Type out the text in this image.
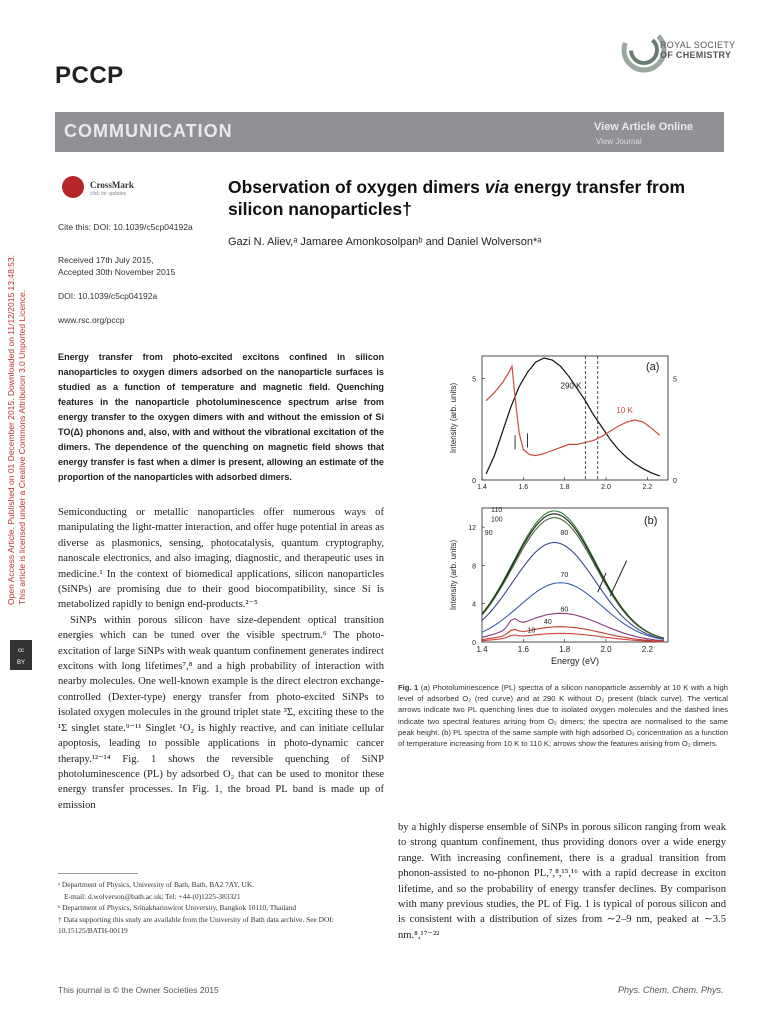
PCCP
ROYAL SOCIETY
OF CHEMISTRY
COMMUNICATION	View Article Online
View Journal
CrossMark
click for updates
Cite this: DOI: 10.1039/c5cp04192a
Received 17th July 2015,
Accepted 30th November 2015
DOI: 10.1039/c5cp04192a
www.rsc.org/pccp
Observation of oxygen dimers via energy transfer from silicon nanoparticles†
Gazi N. Aliev,ᵃ Jamaree Amonkosolpanᵇ and Daniel Wolverson*ᵃ
Energy transfer from photo-excited excitons confined in silicon nanoparticles to oxygen dimers adsorbed on the nanoparticle surfaces is studied as a function of temperature and magnetic field. Quenching features in the nanoparticle photoluminescence spectrum arise from energy transfer to the oxygen dimers with and without the emission of Si TO(Δ) phonons and, also, with and without the vibrational excitation of the dimers. The dependence of the quenching on magnetic field shows that energy transfer is fast when a dimer is present, allowing an estimate of the proportion of the nanoparticles with adsorbed dimers.

Semiconducting or metallic nanoparticles offer numerous ways of manipulating the light-matter interaction, and offer huge potential in areas as diverse as plasmonics, sensing, photocatalysis, quantum cryptography, nanoscale electronics, and also imaging, diagnostic, and therapeutic uses in medicine.¹ In the context of biomedical applications, silicon nanoparticles (SiNPs) are promising due to their good biocompatibility, since Si is metabolized rapidly to benign end-products.²⁻⁵

SiNPs within porous silicon have size-dependent optical transition energies which can be tuned over the visible spectrum.⁶ The photo-excitation of large SiNPs with weak quantum confinement generates indirect excitons with long lifetimes⁷,⁸ and a high probability of interaction with nearby molecules. One well-known example is the direct electron exchange-controlled (Dexter-type) energy transfer from photo-excited SiNPs to isolated oxygen molecules in the ground triplet state ³Σ, exciting these to the ¹Σ singlet state.⁹⁻¹¹ Singlet ¹O₂ is highly reactive, and can initiate cellular apoptosis, leading to possible applications in photo-dynamic cancer therapy.¹²⁻¹⁴ Fig. 1 shows the reversible quenching of SiNP photoluminescence (PL) by adsorbed O₂ that can be used to monitor these energy transfer processes. In Fig. 1, the broad PL band is made up of emission

1.4	1.6	1.8	2.0	2.2
0
5
0
5
Intensity (arb. units)	290 K
10 K
(a)
1.4	1.6	1.8	2.0	2.2
0
4
8
12
Energy (eV)
Intensity (arb. units)
110
100
90	80
70
60
40
10
(b)
Fig. 1 (a) Photoluminescence (PL) spectra of a silicon nanoparticle assembly at 10 K with a high level of adsorbed O₂ (red curve) and at 290 K without O₂ present (black curve). The vertical arrows indicate two PL quenching lines due to isolated oxygen molecules and the dashed lines indicate two spectral features arising from O₂ dimers; the spectra are normalised to the same peak height. (b) PL spectra of the same sample with high adsorbed O₂ concentration as a function of temperature increasing from 10 K to 110 K; arrows show the features arising from O₂ dimers.

by a highly disperse ensemble of SiNPs in porous silicon ranging from weak to strong quantum confinement, thus providing donors over a wide energy range. With increasing confinement, there is a gradual transition from phonon-assisted to no-phonon PL,⁷,⁸,¹⁵,¹⁶ with a rapid decrease in exciton lifetime, and so the probability of energy transfer declines. By comparison with many previous studies, the PL of Fig. 1 is typical of porous silicon and is consistent with a distribution of sizes from ∼2–9 nm, peaked at ∼3.5 nm.⁸,¹⁷⁻²²

ᵃ Department of Physics, University of Bath, Bath, BA2 7AY, UK.

E-mail: d.wolverson@bath.ac.uk; Tel: +44-(0)1225-383321

ᵇ Department of Physics, Srinakharinwirot University, Bangkok 10110, Thailand

† Data supporting this study are available from the University of Bath data archive. See DOI: 10.15125/BATH-00119

This journal is © the Owner Societies 2015	Phys. Chem. Chem. Phys.
Open Access Article. Published on 01 December 2015. Downloaded on 11/12/2015 13:48:53. This article is licensed under a Creative Commons Attribution 3.0 Unported Licence.
cc
BY
